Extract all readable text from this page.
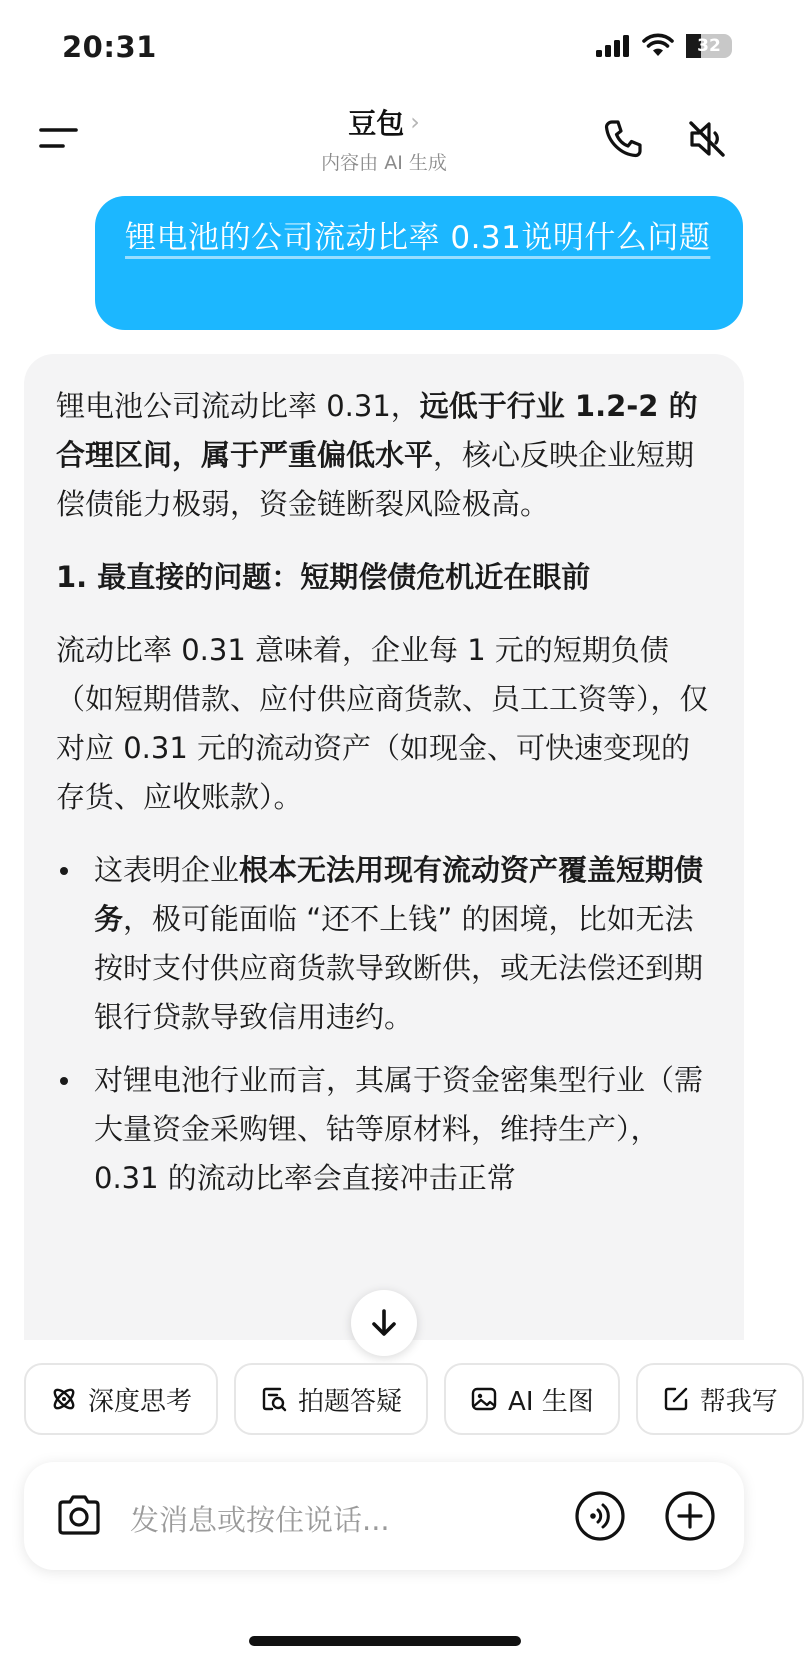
20:31	32
豆包 ›
内容由 AI 生成
锂电池的公司流动比率 0.31说明什么问题

锂电池公司流动比率 0.31，远低于行业 1.2-2 的合理区间，属于严重偏低水平，核心反映企业短期偿债能力极弱，资金链断裂风险极高。

1. 最直接的问题：短期偿债危机近在眼前

流动比率 0.31 意味着，企业每 1 元的短期负债（如短期借款、应付供应商货款、员工工资等），仅对应 0.31 元的流动资产（如现金、可快速变现的存货、应收账款）。

这表明企业根本无法用现有流动资产覆盖短期债务，极可能面临 “还不上钱” 的困境，比如无法按时支付供应商货款导致断供，或无法偿还到期银行贷款导致信用违约。
对锂电池行业而言，其属于资金密集型行业（需大量资金采购锂、钴等原材料，维持生产），0.31 的流动比率会直接冲击正常
深度思考	拍题答疑	AI 生图	帮我写
发消息或按住说话...
